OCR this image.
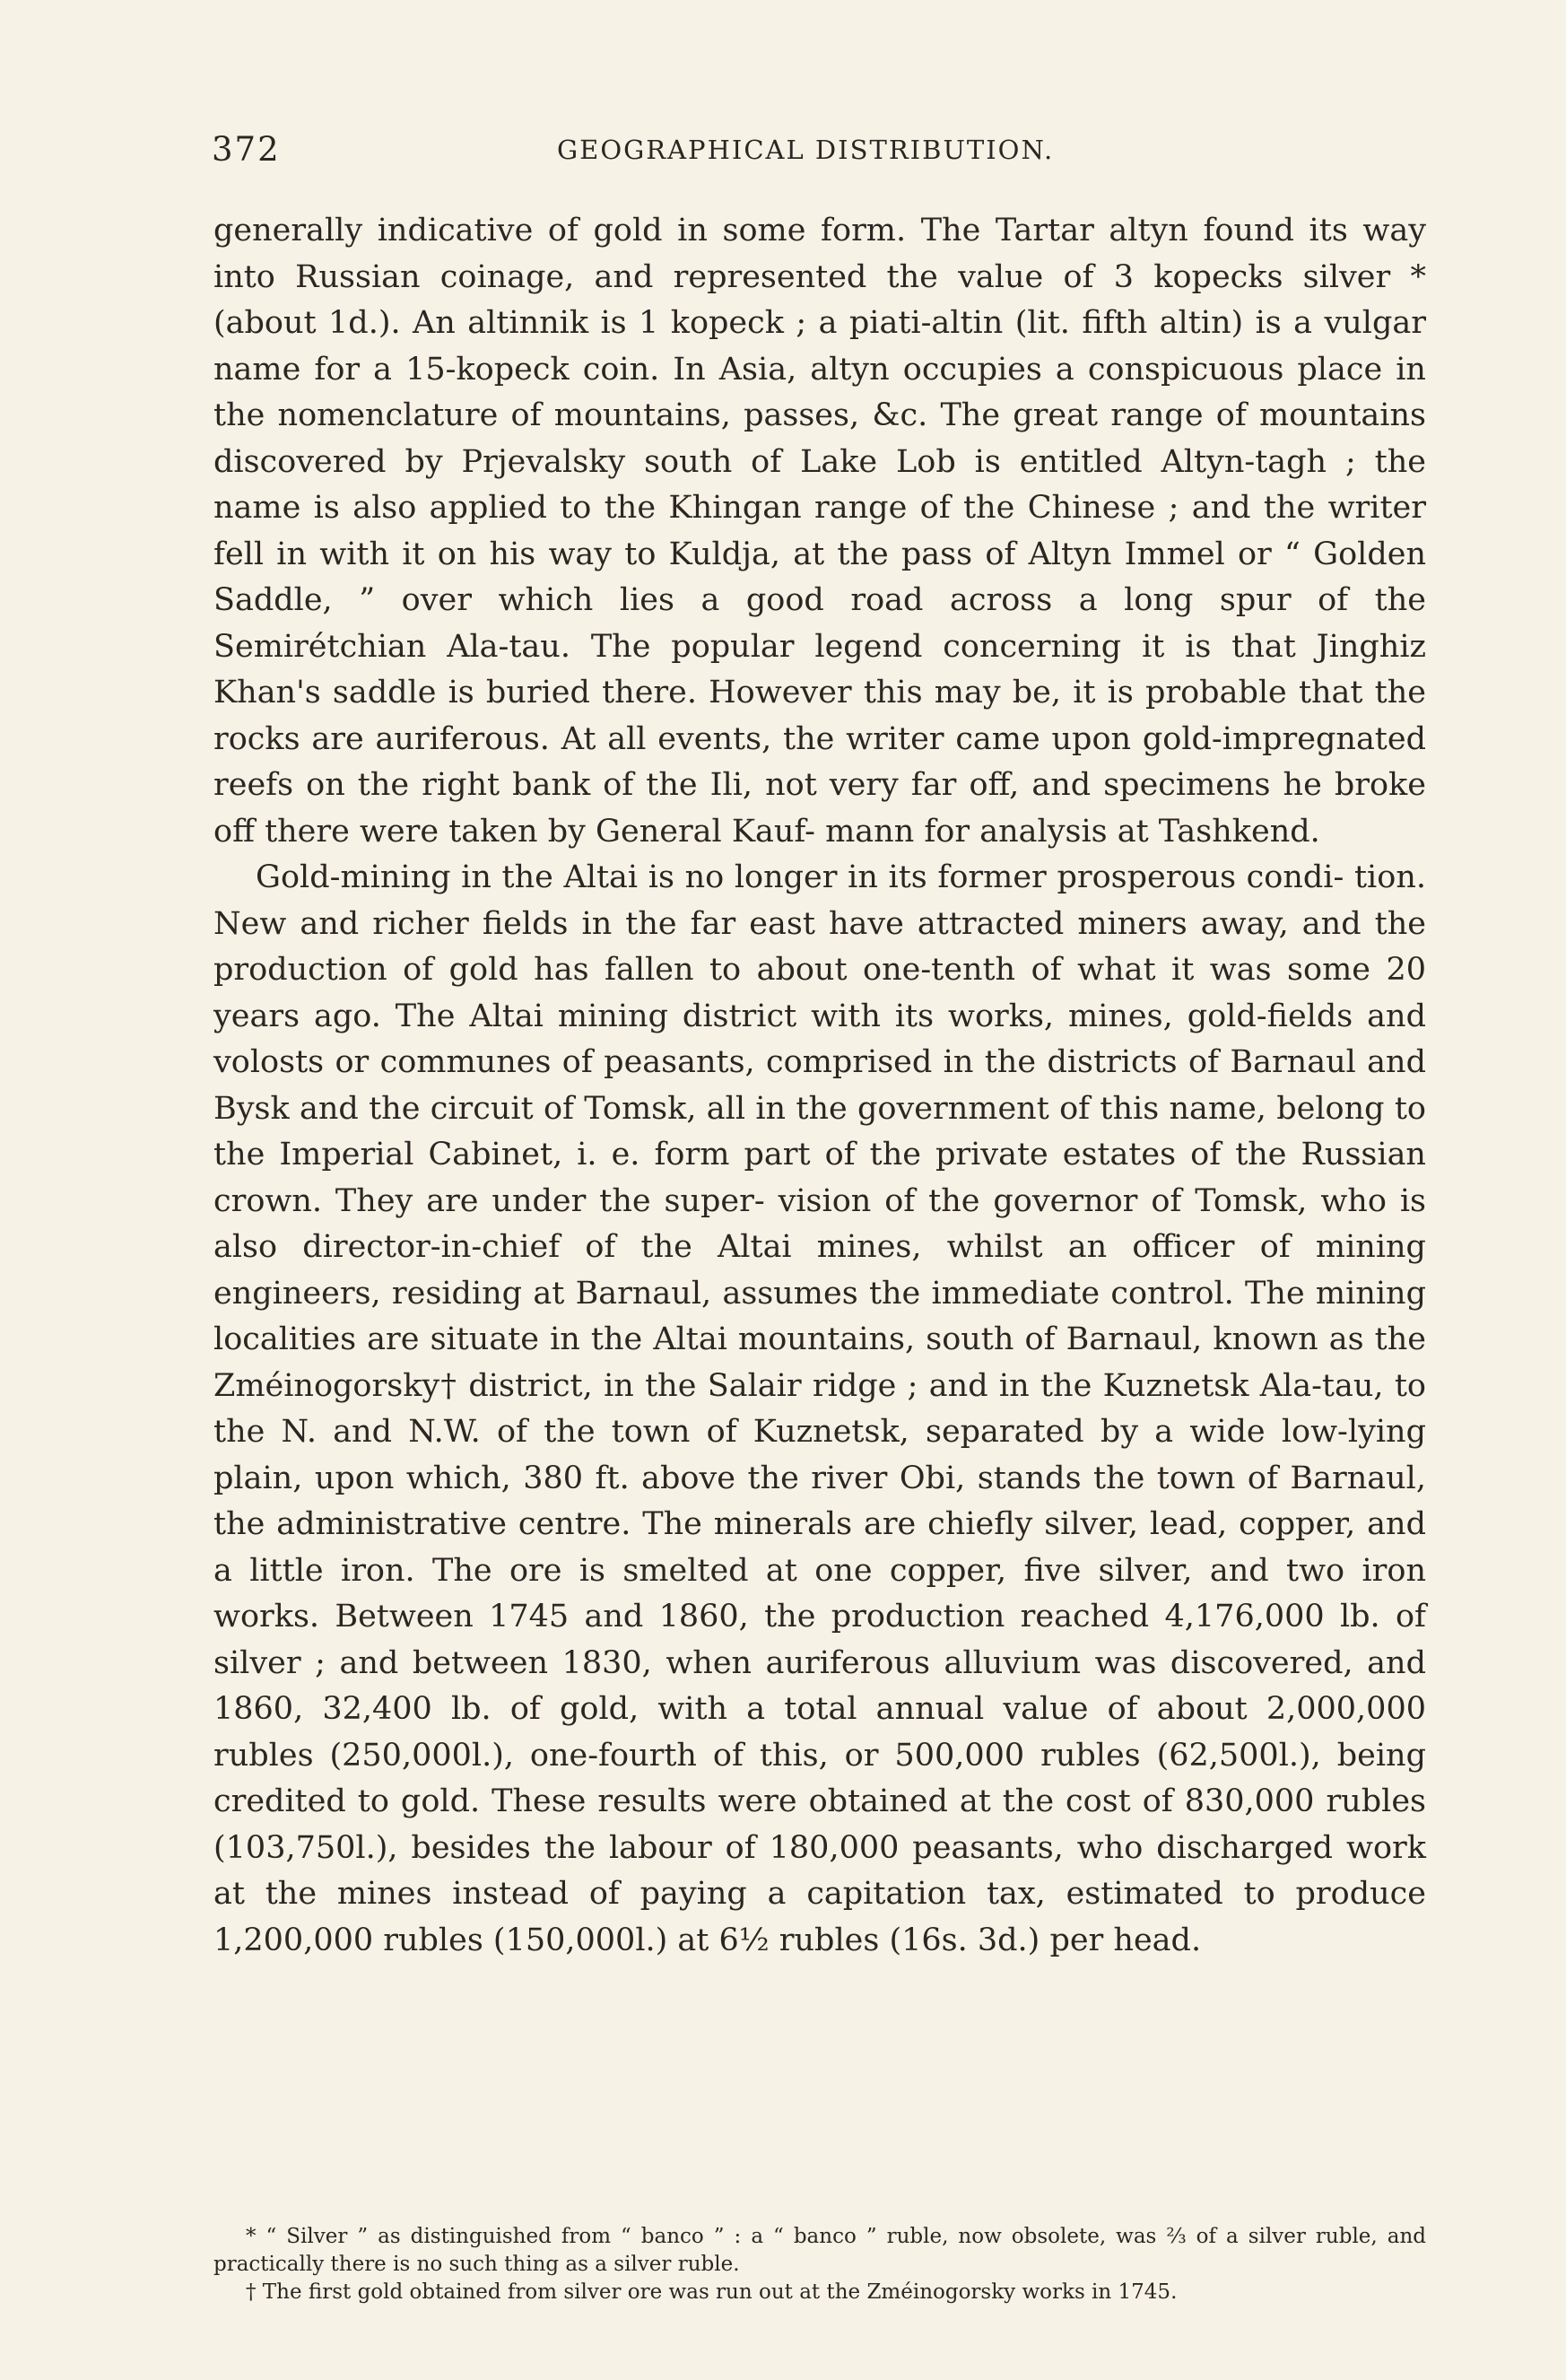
372	GEOGRAPHICAL DISTRIBUTION.

generally indicative of gold in some form. The Tartar altyn found its way into Russian coinage, and represented the value of 3 kopecks silver * (about 1d.). An altinnik is 1 kopeck ; a piati-altin (lit. fifth altin) is a vulgar name for a 15-kopeck coin. In Asia, altyn occupies a conspicuous place in the nomenclature of mountains, passes, &c. The great range of mountains discovered by Prjevalsky south of Lake Lob is entitled Altyn-tagh ; the name is also applied to the Khingan range of the Chinese ; and the writer fell in with it on his way to Kuldja, at the pass of Altyn Immel or “ Golden Saddle, ” over which lies a good road across a long spur of the Semirétchian Ala-tau. The popular legend concerning it is that Jinghiz Khan's saddle is buried there. However this may be, it is probable that the rocks are auriferous. At all events, the writer came upon gold-impregnated reefs on the right bank of the Ili, not very far off, and specimens he broke off there were taken by General Kauf- mann for analysis at Tashkend.

Gold-mining in the Altai is no longer in its former prosperous condi- tion. New and richer fields in the far east have attracted miners away, and the production of gold has fallen to about one-tenth of what it was some 20 years ago. The Altai mining district with its works, mines, gold-fields and volosts or communes of peasants, comprised in the districts of Barnaul and Bysk and the circuit of Tomsk, all in the government of this name, belong to the Imperial Cabinet, i. e. form part of the private estates of the Russian crown. They are under the super- vision of the governor of Tomsk, who is also director-in-chief of the Altai mines, whilst an officer of mining engineers, residing at Barnaul, assumes the immediate control. The mining localities are situate in the Altai mountains, south of Barnaul, known as the Zméinogorsky† district, in the Salair ridge ; and in the Kuznetsk Ala-tau, to the N. and N.W. of the town of Kuznetsk, separated by a wide low-lying plain, upon which, 380 ft. above the river Obi, stands the town of Barnaul, the administrative centre. The minerals are chiefly silver, lead, copper, and a little iron. The ore is smelted at one copper, five silver, and two iron works. Between 1745 and 1860, the production reached 4,176,000 lb. of silver ; and between 1830, when auriferous alluvium was discovered, and 1860, 32,400 lb. of gold, with a total annual value of about 2,000,000 rubles (250,000l.), one-fourth of this, or 500,000 rubles (62,500l.), being credited to gold. These results were obtained at the cost of 830,000 rubles (103,750l.), besides the labour of 180,000 peasants, who discharged work at the mines instead of paying a capitation tax, estimated to produce 1,200,000 rubles (150,000l.) at 6½ rubles (16s. 3d.) per head.

* “ Silver ” as distinguished from “ banco ” : a “ banco ” ruble, now obsolete, was ⅔ of a silver ruble, and practically there is no such thing as a silver ruble.

† The first gold obtained from silver ore was run out at the Zméinogorsky works in 1745.
